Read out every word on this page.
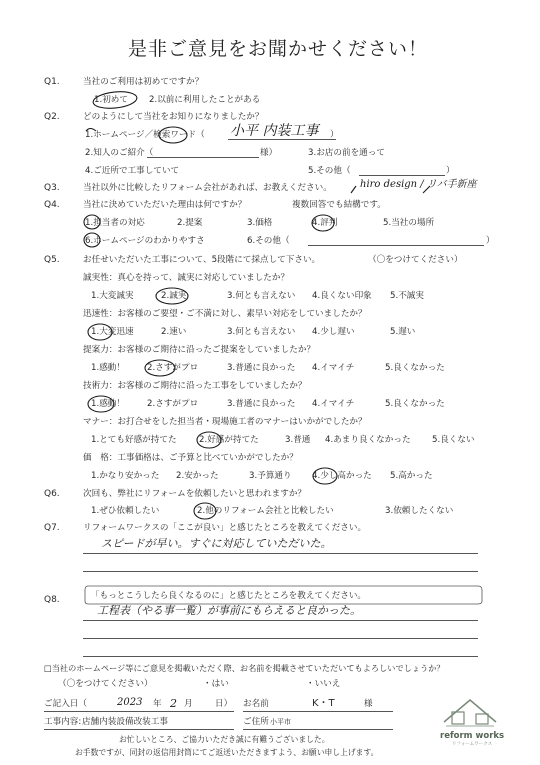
是非ご意見をお聞かせください！
Q1.	当社のご利用は初めてですか？
1.初めて 2.以前に利用したことがある
Q2.	どのようにして当社をお知りになりましたか？
1.ホームページ／検索ワード（ 小平 内装工事 ）
2.知人のご紹介（	様）	3.お店の前を通って
4.ご近所で工事していて	5.その他（	）
Q3.	当社以外に比較したリフォーム会社があれば、お教えください。	hiro design / リバ手新座
Q4.	当社に決めていただいた理由は何ですか？	複数回答でも結構です。
1.担当者の対応	2.提案	3.価格	4.評判	5.当社の場所
6.ホームページのわかりやすさ	6.その他（	）
Q5.	お任せいただいた工事について、5段階にて採点して下さい。	（〇をつけてください）
誠実性：真心を持って、誠実に対応していましたか？
1.大変誠実	2.誠実	3.何とも言えない 4.良くない印象 5.不誠実
迅速性：お客様のご要望・ご不満に対し、素早い対応をしていましたか？
1.大変迅速	2.速い	3.何とも言えない 4.少し遅い	5.遅い
提案力：お客様のご期待に沿ったご提案をしていましたか？
1.感動！	2.さすがプロ	3.普通に良かった 4.イマイチ	5.良くなかった
技術力：お客様のご期待に沿った工事をしていましたか？
1.感動！	2.さすがプロ	3.普通に良かった 4.イマイチ	5.良くなかった
マナー：お打合せをした担当者・現場施工者のマナーはいかがでしたか？
1.とても好感が持てた	2.好感が持てた	3.普通 4.あまり良くなかった 5.良くない
価　格：工事価格は、ご予算と比べていかがでしたか？
1.かなり安かった 2.安かった	3.予算通り 4.少し高かった 5.高かった
Q6.	次回も、弊社にリフォームを依頼したいと思われますか？
1.ぜひ依頼したい	2.他のリフォーム会社と比較したい	3.依頼したくない
Q7.	リフォームワークスの「ここが良い」と感じたところを教えてください。
スピードが早い。すぐに対応していただいた。
Q8.	「もっとこうしたら良くなるのに」と感じたところを教えてください。
工程表（やる事一覧）が事前にもらえると良かった。
□当社のホームページ等にご意見を掲載いただく際、お名前を掲載させていただいてもよろしいでしょうか？
（〇をつけてください）	・はい	・いいえ
ご記入日（	2023 年 2 月	日） お名前	K・T	様
工事内容: 店舗内装設備改装工事	ご住所 小平市
お忙しいところ、ご協力いただき誠に有難うございました。
お手数ですが、同封の返信用封筒にてご返送いただきますよう、お願い申し上げます。
reform works
リフォームワークス
